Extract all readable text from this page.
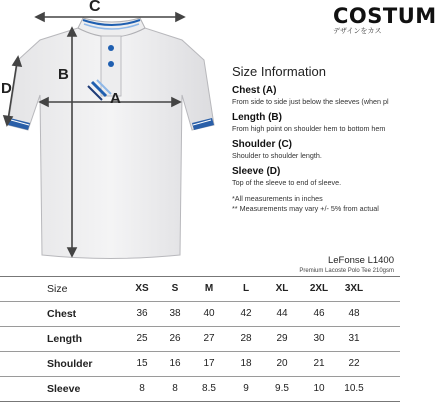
C
B
A
D
COSTUM
デザインをカス
Size Information
Chest (A)
From side to side just below the sleeves (when pl
Length (B)
From high point on shoulder hem to bottom hem
Shoulder (C)
Shoulder to shoulder length.
Sleeve (D)
Top of the sleeve to end of sleeve.
*All measurements in inches
** Measurements may vary +/- 5% from actual
LeFonse L1400
Premium Lacoste Polo Tee 210gsm
Size	XS	S	M	L	XL	2XL	3XL
Chest	36	38	40	42	44	46	48
Length	25	26	27	28	29	30	31
Shoulder	15	16	17	18	20	21	22
Sleeve	8	8	8.5	9	9.5	10	10.5
